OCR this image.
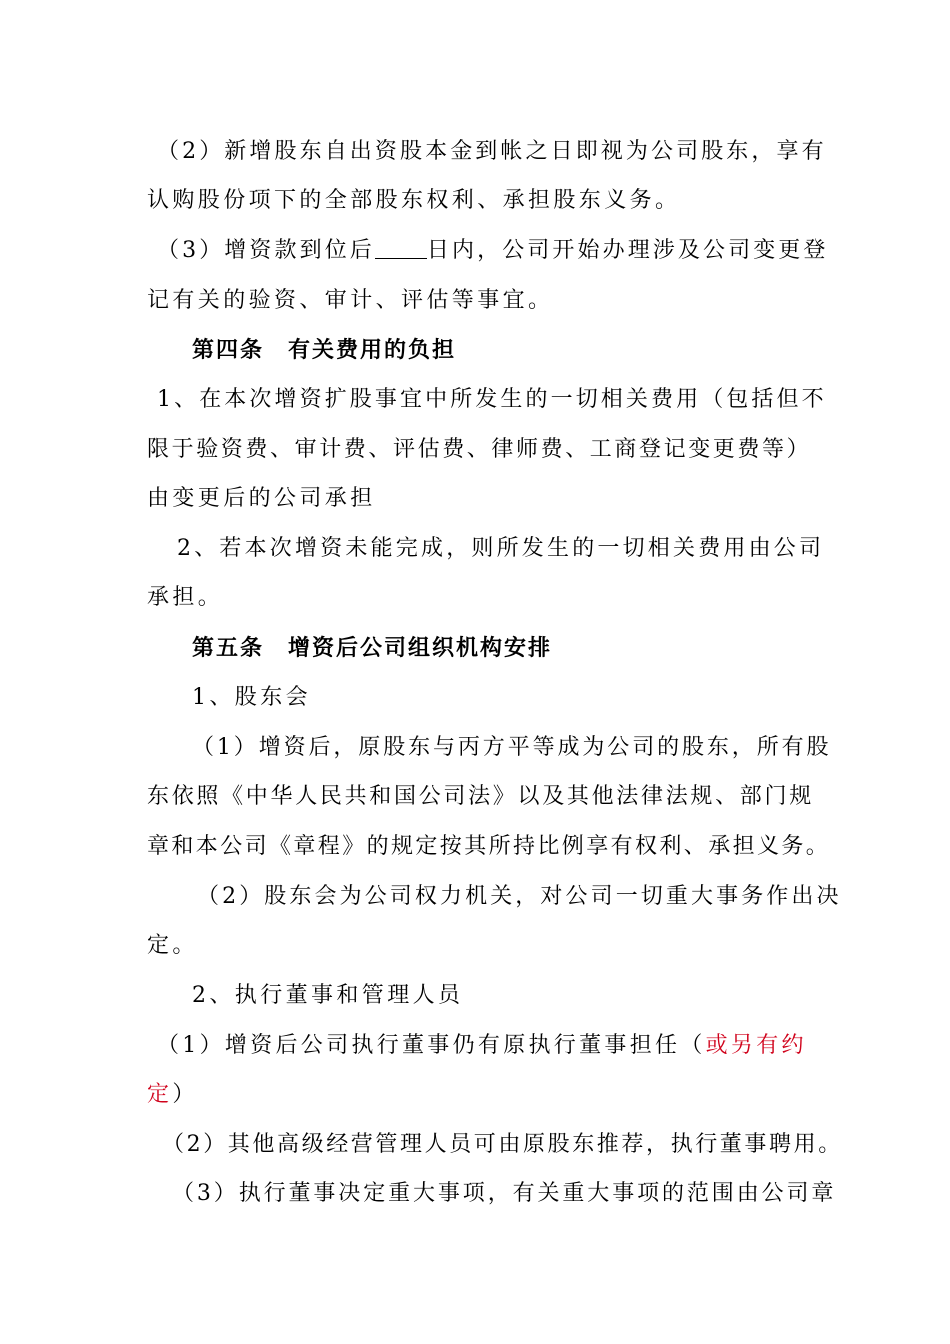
（2）新增股东自出资股本金到帐之日即视为公司股东，享有
认购股份项下的全部股东权利、承担股东义务。
（3）增资款到位后 日内，公司开始办理涉及公司变更登
记有关的验资、审计、评估等事宜。
第四条　有关费用的负担
1、在本次增资扩股事宜中所发生的一切相关费用（包括但不
限于验资费、审计费、评估费、律师费、工商登记变更费等）
由变更后的公司承担
2、若本次增资未能完成，则所发生的一切相关费用由公司
承担。
第五条　增资后公司组织机构安排
1、股东会
（1）增资后，原股东与丙方平等成为公司的股东，所有股
东依照《中华人民共和国公司法》以及其他法律法规、部门规
章和本公司《章程》的规定按其所持比例享有权利、承担义务。
（2）股东会为公司权力机关，对公司一切重大事务作出决
定。
2、执行董事和管理人员
（1）增资后公司执行董事仍有原执行董事担任（或另有约
定）
（2）其他高级经营管理人员可由原股东推荐，执行董事聘用。
（3）执行董事决定重大事项，有关重大事项的范围由公司章
